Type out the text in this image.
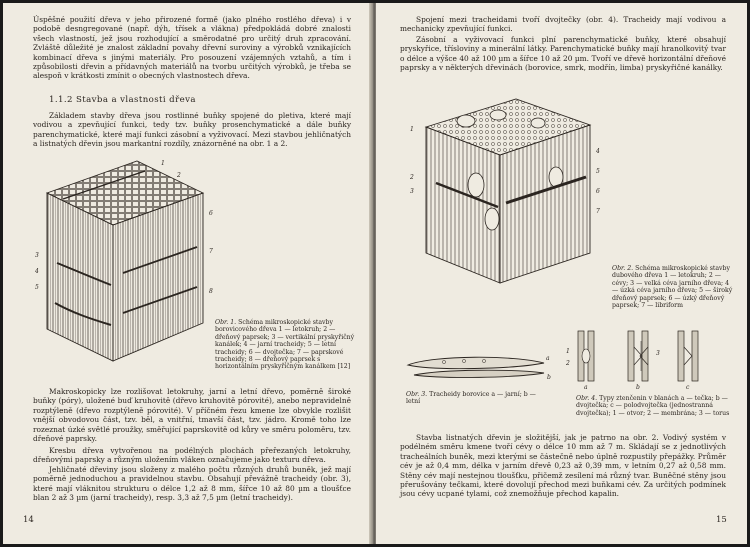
Úspěšné použití dřeva v jeho přirozené formě (jako plného rostlého dřeva) i v podobě desngregované (např. dýh, třísek a vlákna) předpokládá dobré znalosti všech vlastností, jež jsou rozhodující a směrodatné pro určitý druh zpracování. Zvláště důležité je znalost základní povahy dřevní suroviny a výrobků vznikajících kombinací dřeva s jinými materiály. Pro posouzení vzájemných vztahů, a tím i způsobilosti dřevin a přídavných materiálů na tvorbu určitých výrobků, je třeba se alespoň v krátkosti zmínit o obecných vlastnostech dřeva.

1.1.2 Stavba a vlastnosti dřeva

Základem stavby dřeva jsou rostlinné buňky spojené do pletiva, které mají vodivou a zpevňující funkci, tedy tzv. buňky prosenchymatické a dále buňky parenchymatické, které mají funkci zásobní a vyživovací. Mezi stavbou jehličnatých a listnatých dřevin jsou markantní rozdíly, znázorněné na obr. 1 a 2.

1
2
3
4
5
6
7
8

Obr. 1. Schéma mikroskopické stavby borovicového dřeva 1 — letokruh; 2 — dřeňový paprsek; 3 — vertikální pryskyřičný kanálek; 4 — jarní tracheidy; 5 — letní tracheidy; 6 — dvojtečka; 7 — paprskové tracheidy; 8 — dřeňový paprsek s horizontálním pryskyřičným kanálkem [12]

Makroskopicky lze rozlišovat letokruhy, jarní a letní dřevo, poměrně široké buňky (póry), uložené buď kruhovitě (dřevo kruhovitě pórovité), anebo nepravidelně rozptýleně (dřevo rozptýleně pórovité). V příčném řezu kmene lze obvykle rozlišit vnější obvodovou část, tzv. běl, a vnitřní, tmavší část, tzv. jádro. Kromě toho lze rozeznat úzké světlé proužky, směřující paprskovitě od kůry ve směru poloměru, tzv. dřeňové paprsky.

Kresbu dřeva vytvořenou na podélných plochách přeřezaných letokruhy, dřeňovými paprsky a různým uložením vláken označujeme jako texturu dřeva.

Jehličnaté dřeviny jsou složeny z malého počtu různých druhů buněk, jež mají poměrně jednoduchou a pravidelnou stavbu. Obsahují převážně tracheidy (obr. 3), které mají vláknitou strukturu o délce 1,2 až 8 mm, šířce 10 až 80 µm a tloušťce blan 2 až 3 µm (jarní tracheidy), resp. 3,3 až 7,5 µm (letní tracheidy).

14

Spojení mezi tracheidami tvoří dvojtečky (obr. 4). Tracheidy mají vodivou a mechanicky zpevňující funkci.

Zásobní a vyživovací funkci plní parenchymatické buňky, které obsahují pryskyřice, tříslovinу a minerální látky. Parenchymatické buňky mají hranolkovitý tvar o délce a výšce 40 až 100 µm a šířce 10 až 20 µm. Tvoří ve dřevě horizontální dřeňové paprsky a v některých dřevinách (borovice, smrk, modřín, limba) pryskyřičné kanálky.

1
2
3
4
5
6
7

Obr. 2. Schéma mikroskopické stavby dubového dřeva 1 — letokruh; 2 — cévy; 3 — velká céva jarního dřeva; 4 — úzká céva jarního dřeva; 5 — široký dřeňový paprsek; 6 — úzký dřeňový paprsek; 7 — libriform

a
b

Obr. 3. Tracheidy borovice a — jarní; b — letní

a	b	c
1
2
3

Obr. 4. Typy ztenčenin v blanách a — tečka; b — dvojtečka; c — polodvojtečka (jednostranná dvojtečka); 1 — otvor; 2 — membrána; 3 — torus

Stavba listnatých dřevin je složitější, jak je patrno na obr. 2. Vodivý systém v podélném směru kmene tvoří cévy o délce 10 mm až 7 m. Skládají se z jednotlivých tracheálních buněk, mezi kterými se částečně nebo úplně rozpustily přepážky. Průměr cév je až 0,4 mm, délka v jarním dřevě 0,23 až 0,39 mm, v letním 0,27 až 0,58 mm. Stěny cév mají nestejnou tloušťku, přičemž zesílení má různý tvar. Buněčné stěny jsou přerušovány tečkami, které dovolují přechod mezi buňkami cév. Za určitých podmínek jsou cévy ucpané tylami, což znemožňuje přechod kapalin.

15
